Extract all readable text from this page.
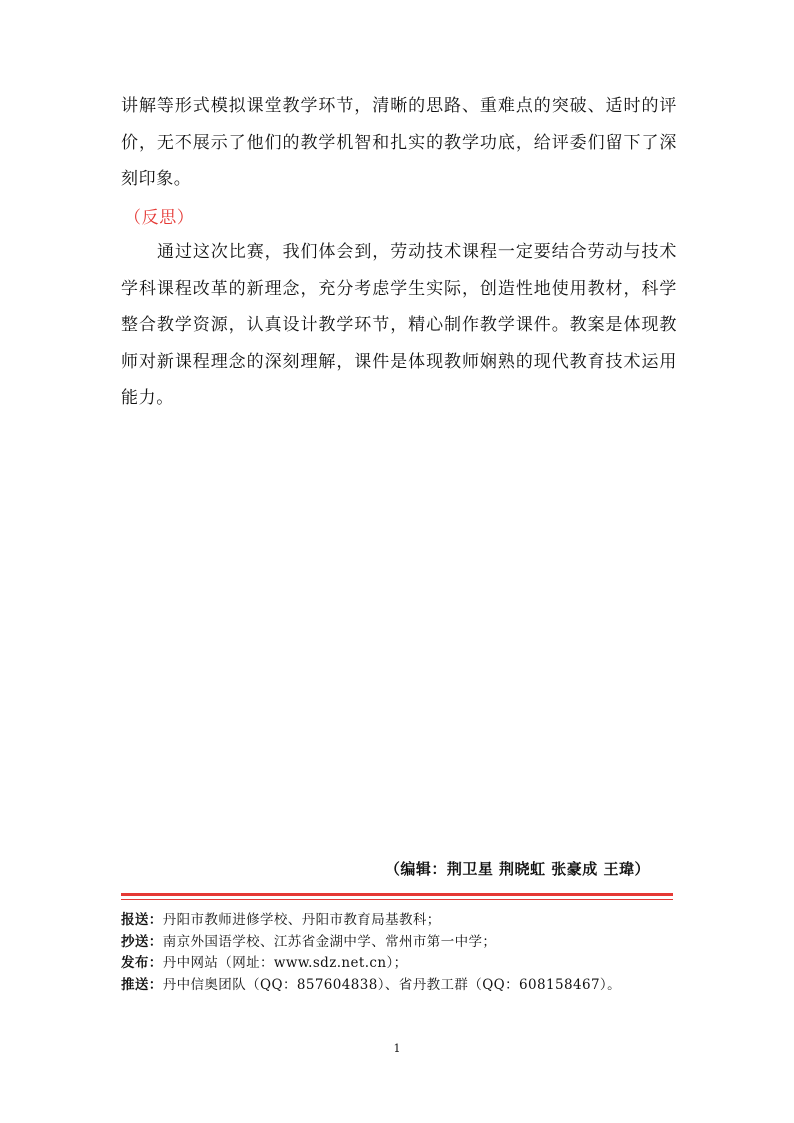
讲解等形式模拟课堂教学环节，清晰的思路、重难点的突破、适时的评价，无不展示了他们的教学机智和扎实的教学功底，给评委们留下了深刻印象。

（反思）

通过这次比赛，我们体会到，劳动技术课程一定要结合劳动与技术学科课程改革的新理念，充分考虑学生实际，创造性地使用教材，科学整合教学资源，认真设计教学环节，精心制作教学课件。教案是体现教师对新课程理念的深刻理解，课件是体现教师娴熟的现代教育技术运用能力。

（编辑：荆卫星 荆晓虹 张豪成 王瑋）

报送：丹阳市教师进修学校、丹阳市教育局基教科；
抄送：南京外国语学校、江苏省金湖中学、常州市第一中学；
发布：丹中网站（网址：www.sdz.net.cn）；
推送：丹中信奥团队（QQ：857604838）、省丹教工群（QQ：608158467）。

1
